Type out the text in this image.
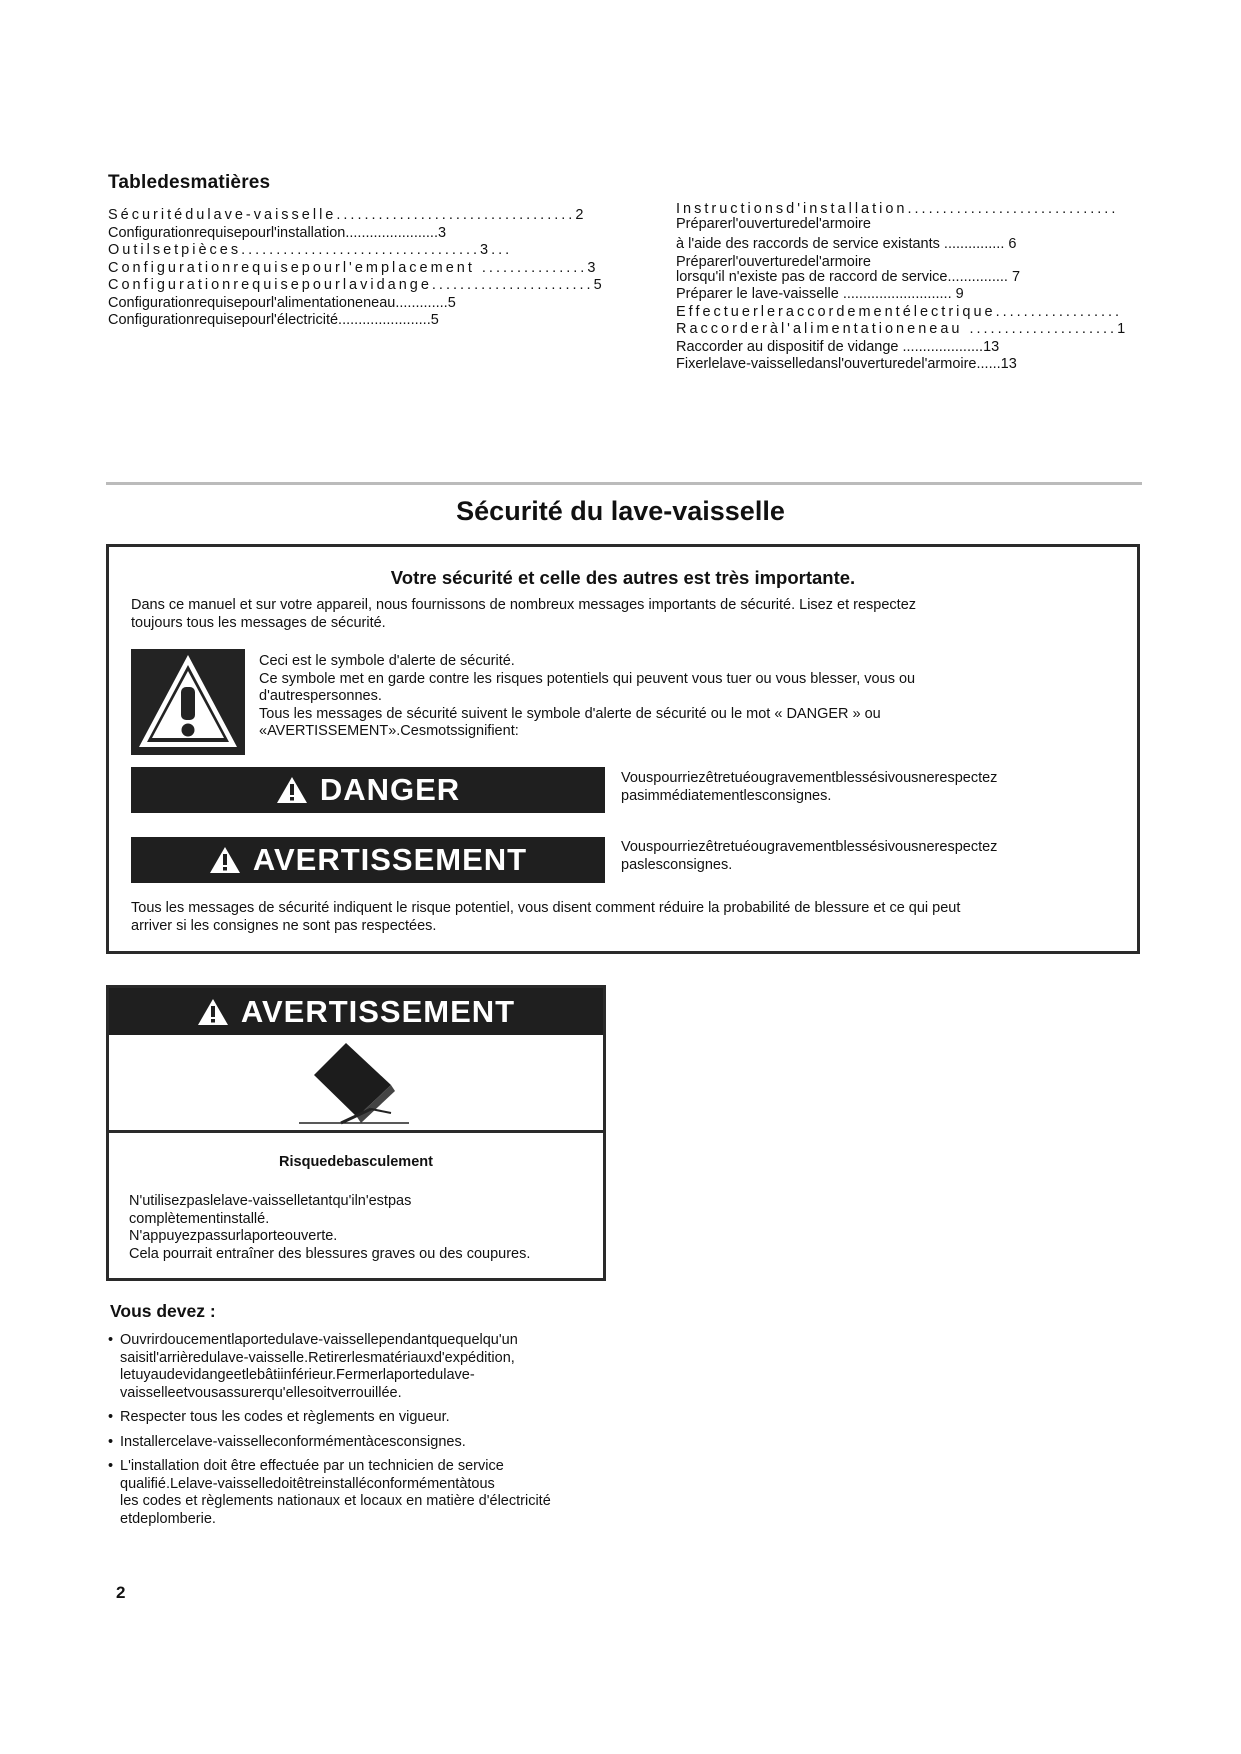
Tabledesmatières
Sécuritédulave-vaisselle..................................2
Configurationrequisepourl'installation.......................3
Outilsetpièces..................................3...
Configurationrequisepourl'emplacement ...............3
Configurationrequisepourlavidange.......................5
Configurationrequisepourl'alimentationeneau.............5
Configurationrequisepourl'électricité.......................5
Instructionsd'installation..............................
Préparerl'ouverturedel'armoire
à l'aide des raccords de service existants ............... 6
Préparerl'ouverturedel'armoire
lorsqu'il n'existe pas de raccord de service............... 7
Préparer le lave-vaisselle ........................... 9
Effectuerleraccordementélectrique..................
Raccorderàl'alimentationeneau .....................1
Raccorder au dispositif de vidange ....................13
Fixerlelave-vaisselledansl'ouverturedel'armoire......13
Sécurité du lave-vaisselle
Votre sécurité et celle des autres est très importante.
Dans ce manuel et sur votre appareil, nous fournissons de nombreux messages importants de sécurité. Lisez et respectez
toujours tous les messages de sécurité.
Ceci est le symbole d'alerte de sécurité.
Ce symbole met en garde contre les risques potentiels qui peuvent vous tuer ou vous blesser, vous ou
d'autrespersonnes.
Tous les messages de sécurité suivent le symbole d'alerte de sécurité ou le mot « DANGER » ou
«AVERTISSEMENT».Cesmotssignifient:
DANGER	Vouspourriezêtretuéougravementblessésivousnerespectez
pasimmédiatementlesconsignes.
AVERTISSEMENT	Vouspourriezêtretuéougravementblessésivousnerespectez
paslesconsignes.
Tous les messages de sécurité indiquent le risque potentiel, vous disent comment réduire la probabilité de blessure et ce qui peut
arriver si les consignes ne sont pas respectées.
AVERTISSEMENT
Risquedebasculement
N'utilisezpaslelave-vaisselletantqu'iln'estpas
complètementinstallé.
N'appuyezpassurlaporteouverte.
Cela pourrait entraîner des blessures graves ou des coupures.
Vous devez :
• Ouvrirdoucementlaportedulave-vaissellependantquequelqu'un
saisitl'arrièredulave-vaisselle.Retirerlesmatériauxd'expédition,
letuyaudevidangeetlebâtiinférieur.Fermerlaportedulave-
vaisselleetvousassurerqu'ellesoitverrouillée.
• Respecter tous les codes et règlements en vigueur.
• Installercelave-vaisselleconformémentàcesconsignes.
• L'installation doit être effectuée par un technicien de service
qualifié.Lelave-vaisselledoitêtreinstalléconformémentàtous
les codes et règlements nationaux et locaux en matière d'électricité
etdeplomberie.
2
